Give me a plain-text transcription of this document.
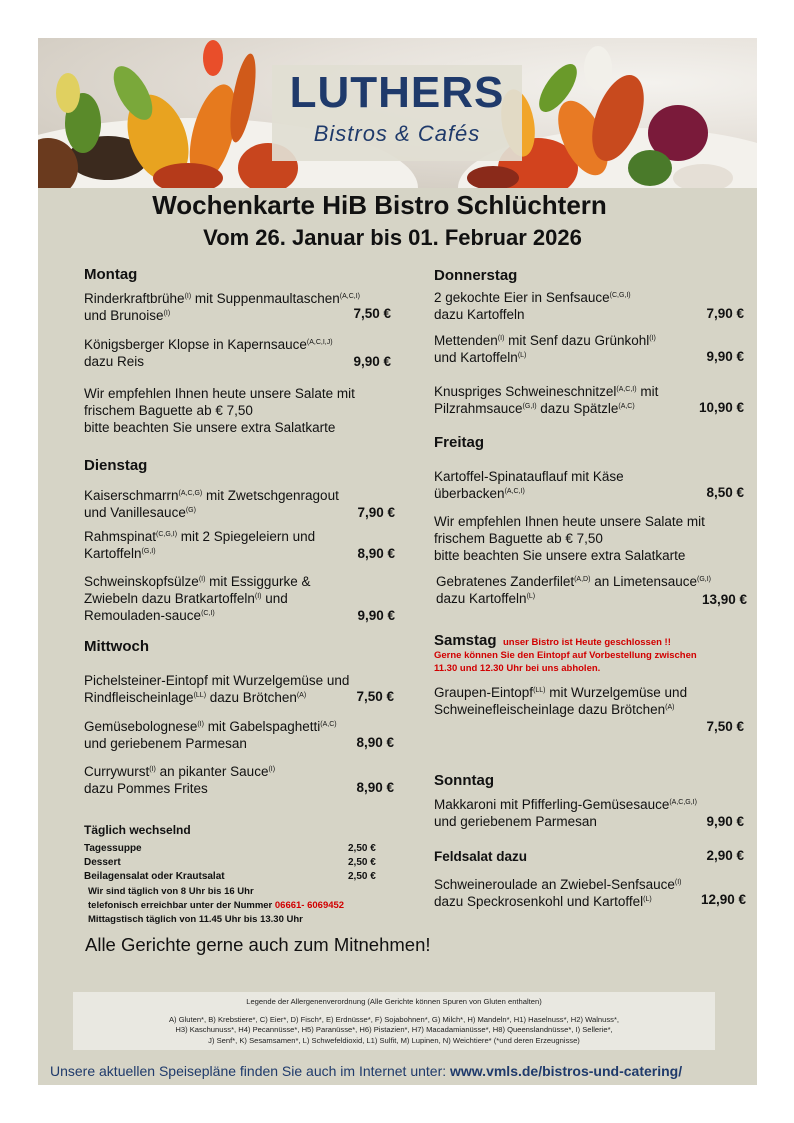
LUTHERS
Bistros & Cafés
Wochenkarte HiB Bistro Schlüchtern
Vom 26. Januar bis 01. Februar 2026
Montag
Rinderkraftbrühe$^{(I)}$ mit Suppenmaultaschen$^{(A,C,I)}$
und Brunoise$^{(I)}$	7,50 €
Königsberger Klopse in Kapernsauce$^{(A,C,I,J)}$
dazu Reis	9,90 €
Wir empfehlen Ihnen heute unsere Salate mit
frischem Baguette ab € 7,50
bitte beachten Sie unsere extra Salatkarte
Dienstag
Kaiserschmarrn$^{(A,C,G)}$ mit Zwetschgenragout
und Vanillesauce$^{(G)}$	7,90 €
Rahmspinat$^{(C,G,I)}$ mit 2 Spiegeleiern und
Kartoffeln$^{(G,I)}$	8,90 €
Schweinskopfsülze$^{(I)}$ mit Essiggurke &
Zwiebeln dazu Bratkartoffeln$^{(I)}$ und
Remouladen-sauce$^{(C,I)}$	9,90 €
Mittwoch
Pichelsteiner-Eintopf mit Wurzelgemüse und
Rindfleischeinlage$^{(LL)}$ dazu Brötchen$^{(A)}$	7,50 €
Gemüsebolognese$^{(I)}$ mit Gabelspaghetti$^{(A,C)}$
und geriebenem Parmesan	8,90 €
Currywurst$^{(I)}$ an pikanter Sauce$^{(I)}$
dazu Pommes Frites	8,90 €
Täglich wechselnd
Tagessuppe	2,50 €
Dessert	2,50 €
Beilagensalat oder Krautsalat	2,50 €
Wir sind täglich von 8 Uhr bis 16 Uhr
telefonisch erreichbar unter der Nummer 06661- 6069452
Mittagstisch täglich von 11.45 Uhr bis 13.30 Uhr
Alle Gerichte gerne auch zum Mitnehmen!
Donnerstag
2 gekochte Eier in Senfsauce$^{(C,G,I)}$
dazu Kartoffeln	7,90 €
Mettenden$^{(I)}$ mit Senf dazu Grünkohl$^{(I)}$
und Kartoffeln$^{(L)}$	9,90 €
Knuspriges Schweineschnitzel$^{(A,C,I)}$ mit
Pilzrahmsauce$^{(G,I)}$ dazu Spätzle$^{(A,C)}$	10,90 €
Freitag
Kartoffel-Spinatauflauf mit Käse
überbacken$^{(A,C,I)}$	8,50 €
Wir empfehlen Ihnen heute unsere Salate mit
frischem Baguette ab € 7,50
bitte beachten Sie unsere extra Salatkarte
Gebratenes Zanderfilet$^{(A,D)}$ an Limetensauce$^{(G,I)}$
dazu Kartoffeln$^{(L)}$	13,90 €
Samstag unser Bistro ist Heute geschlossen !!
Gerne können Sie den Eintopf auf Vorbestellung zwischen
11.30 und 12.30 Uhr bei uns abholen.
Graupen-Eintopf$^{(LL)}$ mit Wurzelgemüse und
Schweinefleischeinlage dazu Brötchen$^{(A)}$
7,50 €
Sonntag
Makkaroni mit Pfifferling-Gemüsesauce$^{(A,C,G,I)}$
und geriebenem Parmesan	9,90 €
Feldsalat dazu	2,90 €
Schweineroulade an Zwiebel-Senfsauce$^{(I)}$
dazu Speckrosenkohl und Kartoffel$^{(L)}$	12,90 €
Legende der Allergenenverordnung (Alle Gerichte können Spuren von Gluten enthalten)
A) Gluten*, B) Krebstiere*, C) Eier*, D) Fisch*, E) Erdnüsse*, F) Sojabohnen*, G) Milch*, H) Mandeln*, H1) Haselnuss*, H2) Walnuss*,
H3) Kaschunuss*, H4) Pecannüsse*, H5) Paranüsse*, H6) Pistazien*, H7) Macadamianüsse*, H8) Queenslandnüsse*, I) Sellerie*,
J) Senf*, K) Sesamsamen*, L) Schwefeldioxid, L1) Sulfit, M) Lupinen, N) Weichtiere* (*und deren Erzeugnisse)
Unsere aktuellen Speisepläne finden Sie auch im Internet unter: www.vmls.de/bistros-und-catering/
